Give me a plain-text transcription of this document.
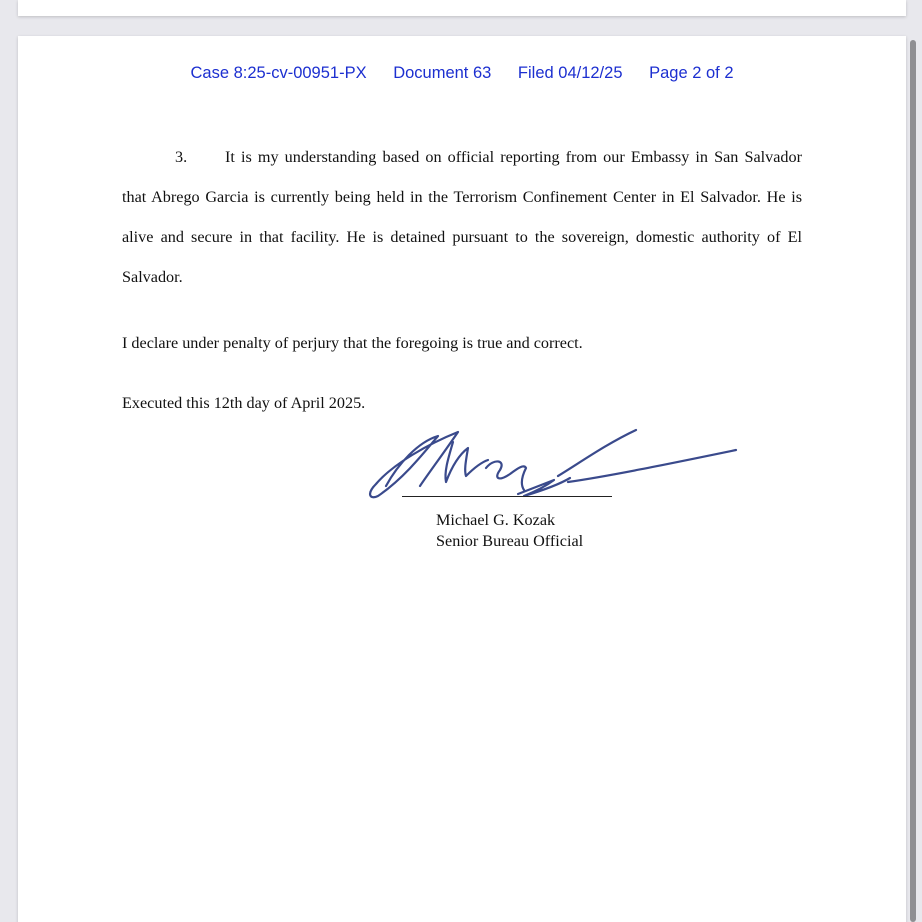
Case 8:25-cv-00951-PX Document 63 Filed 04/12/25 Page 2 of 2
3. It is my understanding based on official reporting from our Embassy in San Salvador that Abrego Garcia is currently being held in the Terrorism Confinement Center in El Salvador. He is alive and secure in that facility. He is detained pursuant to the sovereign, domestic authority of El Salvador.
I declare under penalty of perjury that the foregoing is true and correct.
Executed this 12th day of April 2025.
Michael G. Kozak
Senior Bureau Official
